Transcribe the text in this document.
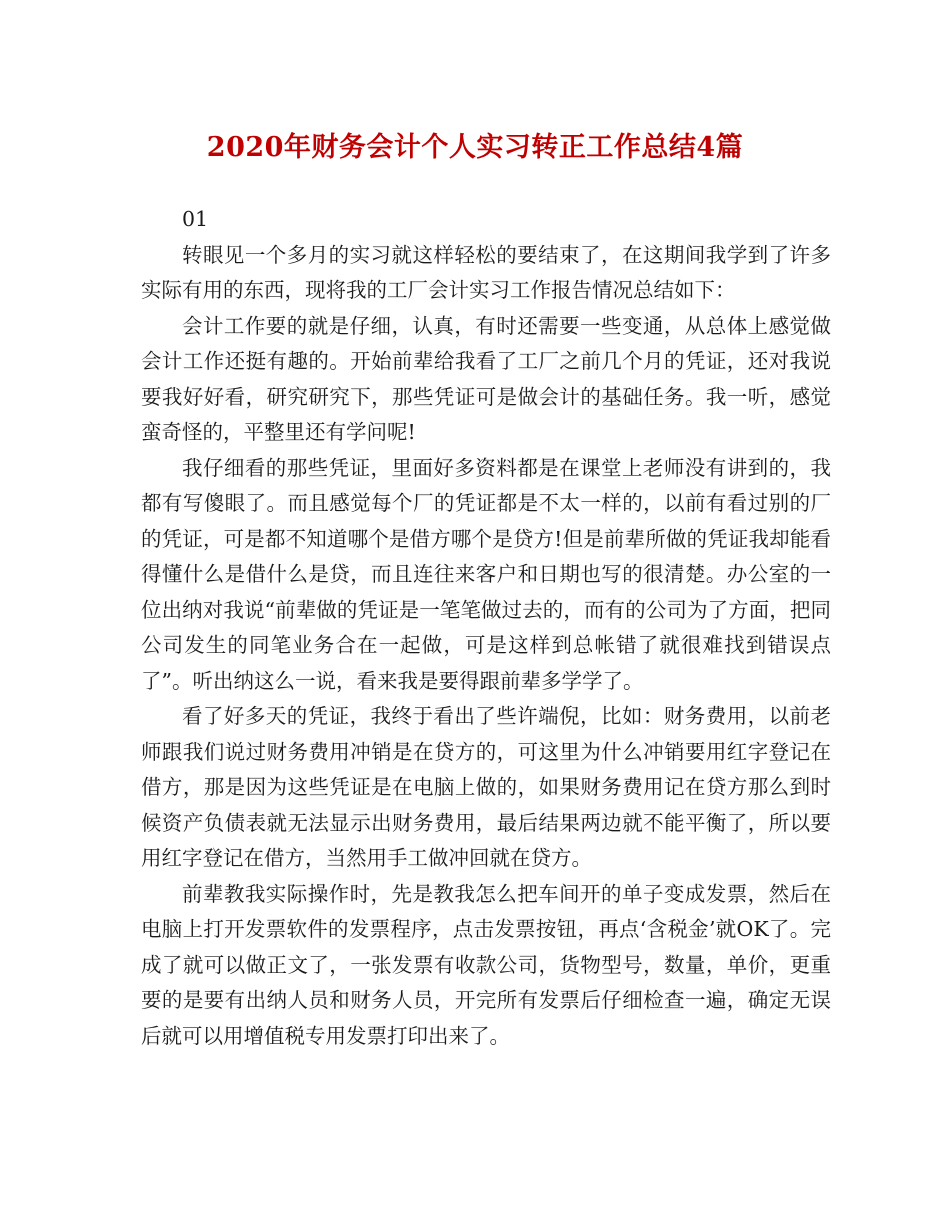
2020年财务会计个人实习转正工作总结4篇

01

转眼见一个多月的实习就这样轻松的要结束了，在这期间我学到了许多实际有用的东西，现将我的工厂会计实习工作报告情况总结如下：

会计工作要的就是仔细，认真，有时还需要一些变通，从总体上感觉做会计工作还挺有趣的。开始前辈给我看了工厂之前几个月的凭证，还对我说要我好好看，研究研究下，那些凭证可是做会计的基础任务。我一听，感觉蛮奇怪的，平整里还有学问呢!

我仔细看的那些凭证，里面好多资料都是在课堂上老师没有讲到的，我都有写傻眼了。而且感觉每个厂的凭证都是不太一样的，以前有看过别的厂的凭证，可是都不知道哪个是借方哪个是贷方!但是前辈所做的凭证我却能看得懂什么是借什么是贷，而且连往来客户和日期也写的很清楚。办公室的一位出纳对我说“前辈做的凭证是一笔笔做过去的，而有的公司为了方面，把同公司发生的同笔业务合在一起做，可是这样到总帐错了就很难找到错误点了”。听出纳这么一说，看来我是要得跟前辈多学学了。

看了好多天的凭证，我终于看出了些许端倪，比如：财务费用，以前老师跟我们说过财务费用冲销是在贷方的，可这里为什么冲销要用红字登记在借方，那是因为这些凭证是在电脑上做的，如果财务费用记在贷方那么到时候资产负债表就无法显示出财务费用，最后结果两边就不能平衡了，所以要用红字登记在借方，当然用手工做冲回就在贷方。

前辈教我实际操作时，先是教我怎么把车间开的单子变成发票，然后在电脑上打开发票软件的发票程序，点击发票按钮，再点‘含税金’就OK了。完成了就可以做正文了，一张发票有收款公司，货物型号，数量，单价，更重要的是要有出纳人员和财务人员，开完所有发票后仔细检查一遍，确定无误后就可以用增值税专用发票打印出来了。
